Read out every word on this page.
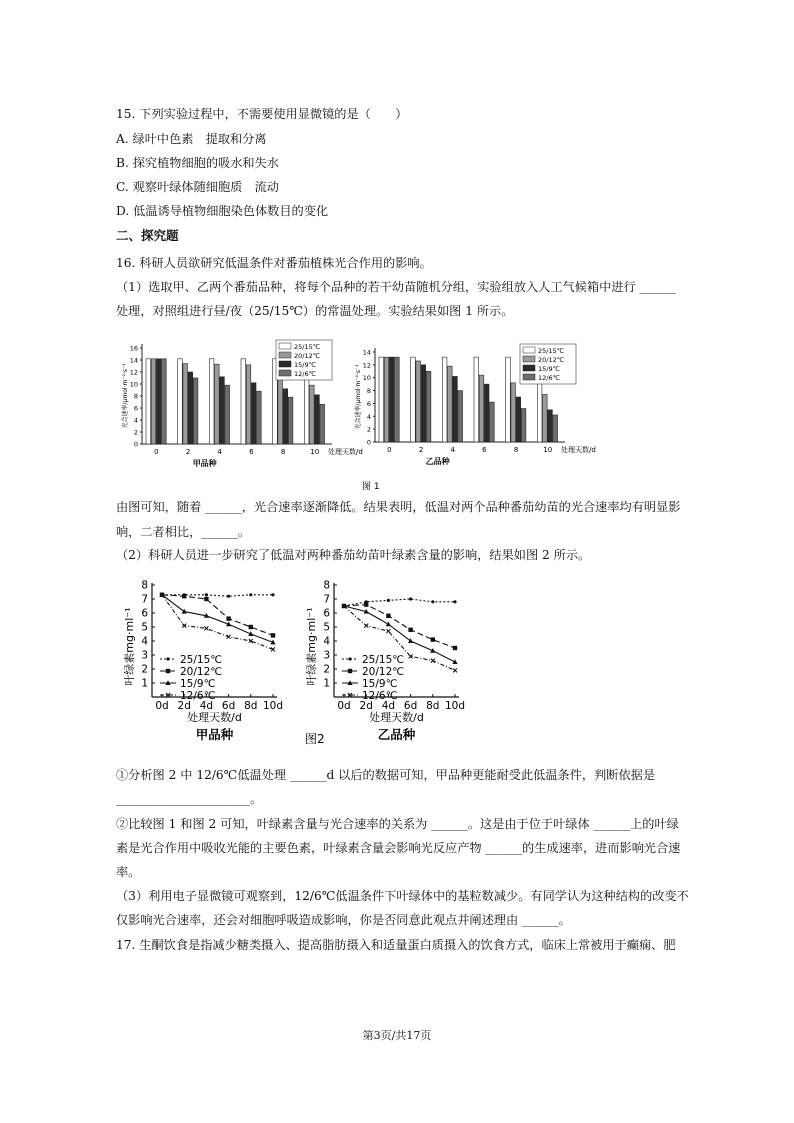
15. 下列实验过程中，不需要使用显微镜的是（　　）
A. 绿叶中色素　提取和分离
B. 探究植物细胞的吸水和失水
C. 观察叶绿体随细胞质　流动
D. 低温诱导植物细胞染色体数目的变化
二、探究题
16. 科研人员欲研究低温条件对番茄植株光合作用的影响。
（1）选取甲、乙两个番茄品种，将每个品种的若干幼苗随机分组，实验组放入人工气候箱中进行 ______
处理，对照组进行昼/夜（25/15℃）的常温处理。实验结果如图 1 所示。
0
2
4
6
8
10
12
14
16
0	2	4	6	8	10 处理天数/d
甲品种
光合速率/μmol·m⁻²·s⁻¹
25/15℃
20/12℃
15/9℃
12/6℃
0
2
4
6
8
10
12
14
0	2	4	6	8	10 处理天数/d
乙品种
光合速率/μmol·m⁻²·s⁻¹
25/15℃
20/12℃
15/9℃
12/6℃
图 1
由图可知，随着 ______，光合速率逐渐降低。结果表明，低温对两个品种番茄幼苗的光合速率均有明显影
响，二者相比，______。
（2）科研人员进一步研究了低温对两种番茄幼苗叶绿素含量的影响，结果如图 2 所示。
1
2
3
4
5
6
7
8
0d 2d 4d 6d 8d 10d
处理天数/d
甲品种
叶绿素mg·ml⁻¹	25/15℃
20/12℃
15/9℃
12/6℃
1
2
3
4
5
6
7
8
0d 2d 4d 6d 8d 10d
处理天数/d
乙品种
叶绿素mg·ml⁻¹	25/15℃
20/12℃
15/9℃
12/6℃
图2
①分析图 2 中 12/6℃低温处理 ______d 以后的数据可知，甲品种更能耐受此低温条件，判断依据是
______________________。
②比较图 1 和图 2 可知，叶绿素含量与光合速率的关系为 ______。这是由于位于叶绿体 ______上的叶绿
素是光合作用中吸收光能的主要色素，叶绿素含量会影响光反应产物 ______的生成速率，进而影响光合速
率。
（3）利用电子显微镜可观察到，12/6℃低温条件下叶绿体中的基粒数减少。有同学认为这种结构的改变不
仅影响光合速率，还会对细胞呼吸造成影响，你是否同意此观点并阐述理由 ______。
17. 生酮饮食是指减少糖类摄入、提高脂肪摄入和适量蛋白质摄入的饮食方式，临床上常被用于癫痫、肥
第3页/共17页
